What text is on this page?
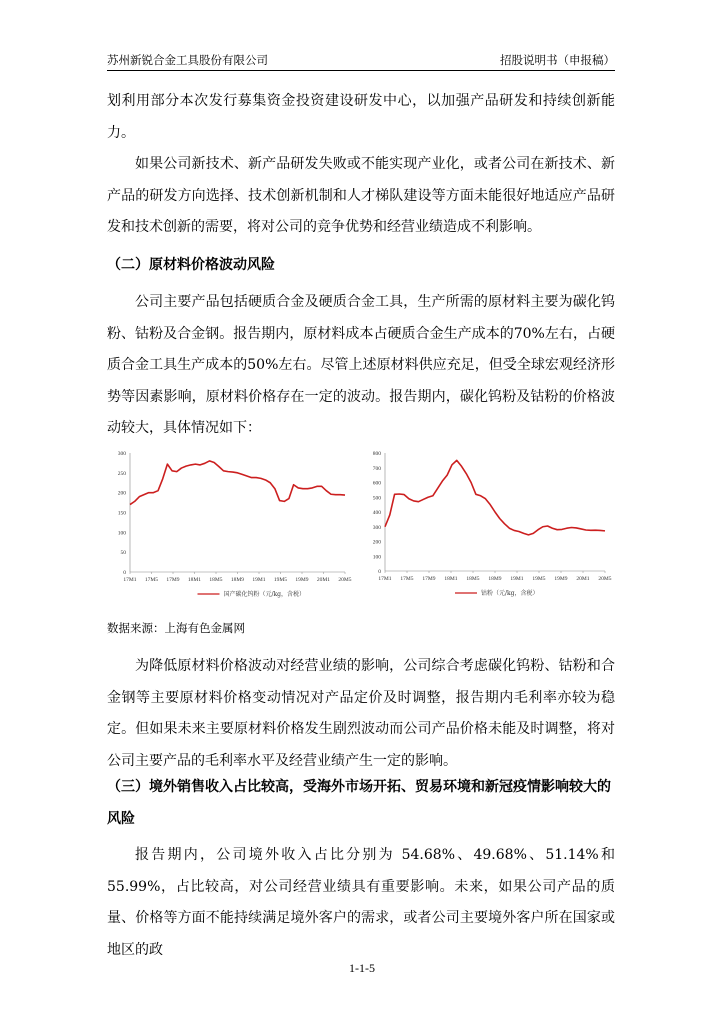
苏州新锐合金工具股份有限公司	招股说明书（申报稿）
划利用部分本次发行募集资金投资建设研发中心，以加强产品研发和持续创新能力。
如果公司新技术、新产品研发失败或不能实现产业化，或者公司在新技术、新产品的研发方向选择、技术创新机制和人才梯队建设等方面未能很好地适应产品研发和技术创新的需要，将对公司的竞争优势和经营业绩造成不利影响。
（二）原材料价格波动风险
公司主要产品包括硬质合金及硬质合金工具，生产所需的原材料主要为碳化钨粉、钴粉及合金钢。报告期内，原材料成本占硬质合金生产成本的70%左右，占硬质合金工具生产成本的50%左右。尽管上述原材料供应充足，但受全球宏观经济形势等因素影响，原材料价格存在一定的波动。报告期内，碳化钨粉及钴粉的价格波动较大，具体情况如下：
0
50
100
150
200
250
300
17M1 17M5 17M9 18M1 18M5 18M9 19M1 19M5 19M9 20M1 20M5
国产碳化钨粉（元/kg，含税）
0
100
200
300
400
500
600
700
800
17M1 17M5 17M9 18M1 18M5 18M9 19M1 19M5 19M9 20M1 20M5
钴粉（元/kg，含税）
数据来源：上海有色金属网
为降低原材料价格波动对经营业绩的影响，公司综合考虑碳化钨粉、钴粉和合金钢等主要原材料价格变动情况对产品定价及时调整，报告期内毛利率亦较为稳定。但如果未来主要原材料价格发生剧烈波动而公司产品价格未能及时调整，将对公司主要产品的毛利率水平及经营业绩产生一定的影响。
（三）境外销售收入占比较高，受海外市场开拓、贸易环境和新冠疫情影响较大的风险
报告期内，公司境外收入占比分别为 54.68%、49.68%、51.14%和 55.99%，占比较高，对公司经营业绩具有重要影响。未来，如果公司产品的质量、价格等方面不能持续满足境外客户的需求，或者公司主要境外客户所在国家或地区的政
1-1-5
